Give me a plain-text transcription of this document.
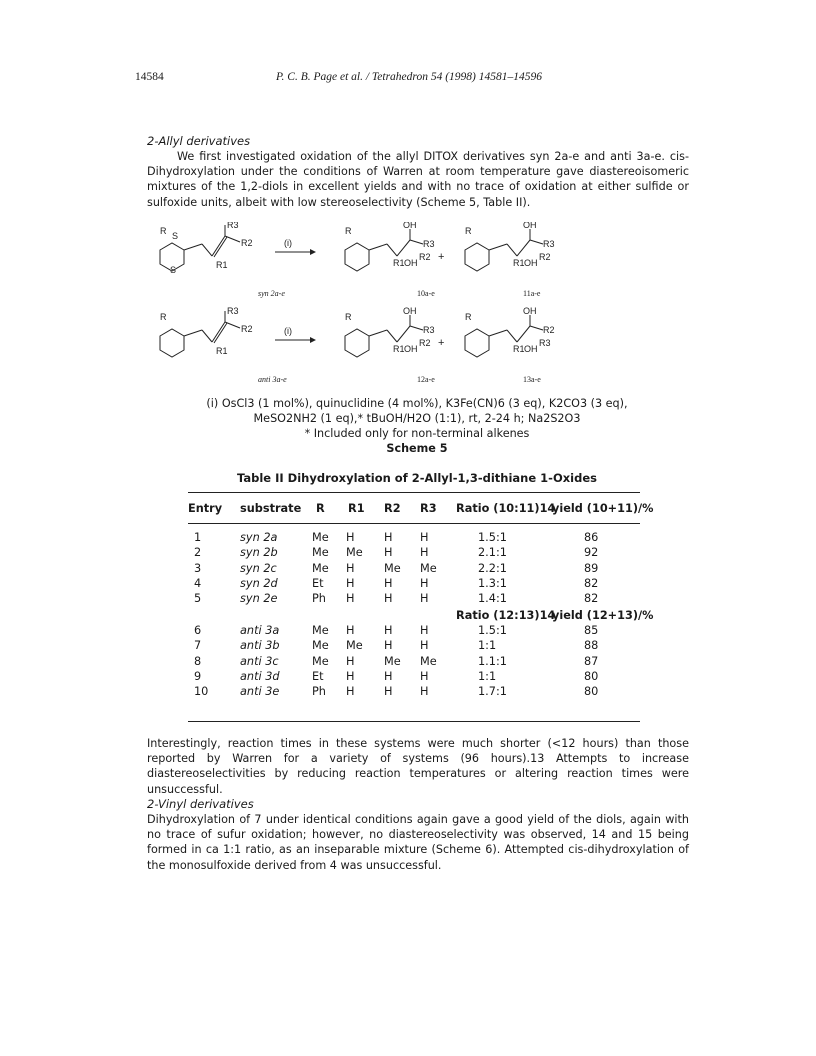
14584	P. C. B. Page et al. / Tetrahedron 54 (1998) 14581–14596
2-Allyl derivatives
We first investigated oxidation of the allyl DITOX derivatives syn 2a-e and anti 3a-e. cis-Dihydroxylation under the conditions of Warren at room temperature gave diastereoisomeric mixtures of the 1,2-diols in excellent yields and with no trace of oxidation at either sulfide or sulfoxide units, albeit with low stereoselectivity (Scheme 5, Table II).
R3
R2
R1
S
R
S
(i)
OH
R3
R1 OH
R2
R
+
OH
R3
R1 OH
R2
R
syn 2a-e	10a-e	11a-e
R3
R2
R1
R
(i)
OH
R3
R1 OH
R2
R
+
OH
R2
R1 OH
R3
R
anti 3a-e	12a-e	13a-e
(i) OsCl3 (1 mol%), quinuclidine (4 mol%), K3Fe(CN)6 (3 eq), K2CO3 (3 eq),
MeSO2NH2 (1 eq),* tBuOH/H2O (1:1), rt, 2-24 h; Na2S2O3
* Included only for non-terminal alkenes
Scheme 5
Table II Dihydroxylation of 2-Allyl-1,3-dithiane 1-Oxides
Entry substrate R R1 R2 R3 Ratio (10:11)14
yield (10+11)/%
1	syn 2a	Me H	H H	1.5:1	86
2	syn 2b	Me Me H H	2.1:1	92
3	syn 2c	Me H	Me Me	2.2:1	89
4	syn 2d	Et H	H H	1.3:1	82
5	syn 2e	Ph H	H H	1.4:1	82
Ratio (12:13)14
yield (12+13)/%
6	anti 3a	Me H	H H	1.5:1	85
7	anti 3b	Me Me H H	1:1	88
8	anti 3c	Me H	Me Me	1.1:1	87
9	anti 3d	Et H	H H	1:1	80
10	anti 3e	Ph H	H H	1.7:1	80
Interestingly, reaction times in these systems were much shorter (<12 hours) than those reported by Warren for a variety of systems (96 hours).13 Attempts to increase diastereoselectivities by reducing reaction temperatures or altering reaction times were unsuccessful.
2-Vinyl derivatives
Dihydroxylation of 7 under identical conditions again gave a good yield of the diols, again with no trace of sufur oxidation; however, no diastereoselectivity was observed, 14 and 15 being formed in ca 1:1 ratio, as an inseparable mixture (Scheme 6). Attempted cis-dihydroxylation of the monosulfoxide derived from 4 was unsuccessful.
